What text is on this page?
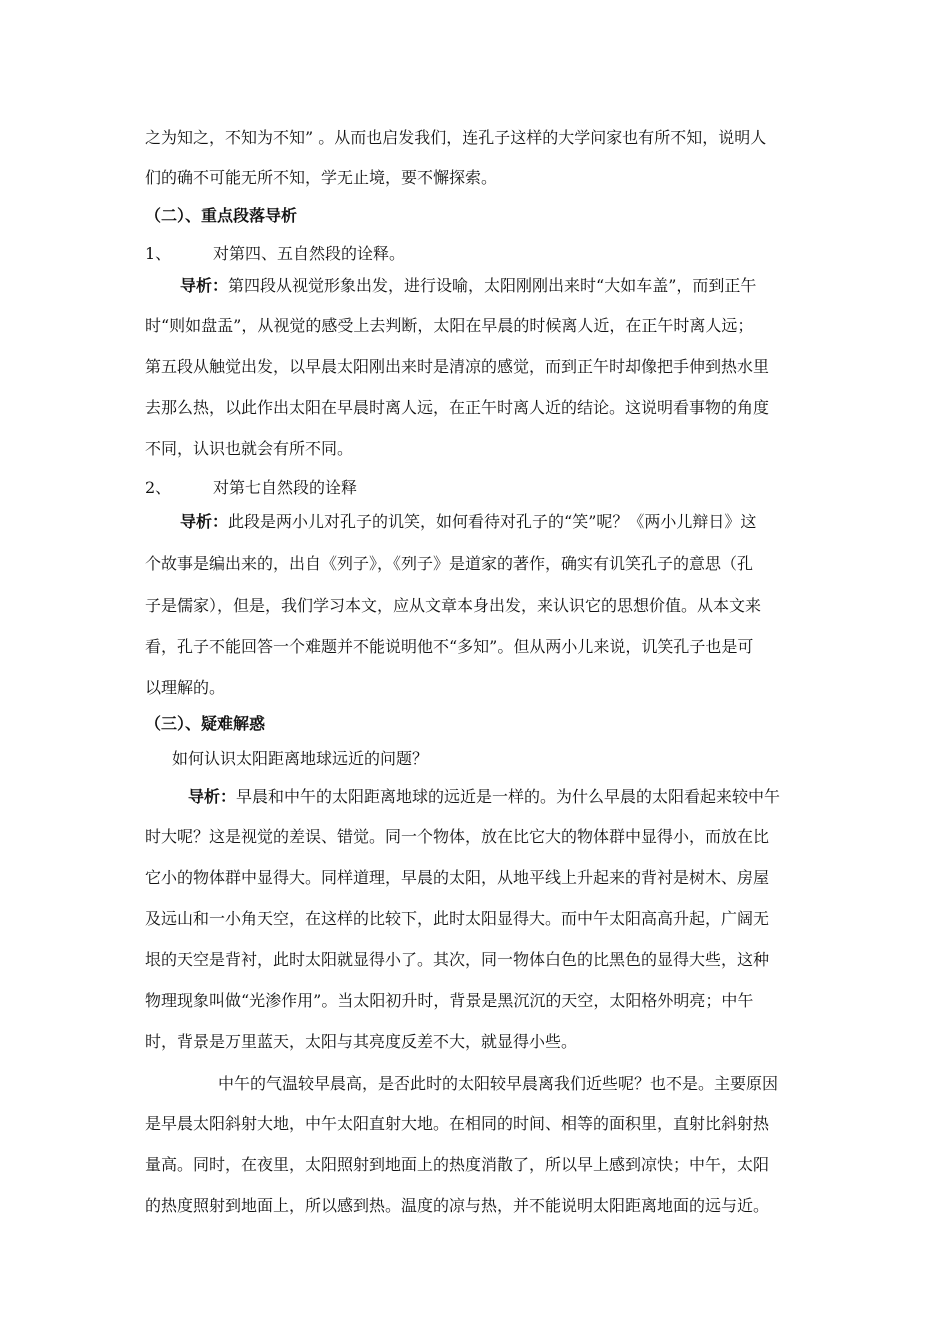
之为知之，不知为不知” 。从而也启发我们，连孔子这样的大学问家也有所不知，说明人
们的确不可能无所不知，学无止境，要不懈探索。
（二）、重点段落导析
1、	对第四、五自然段的诠释。
导析：第四段从视觉形象出发，进行设喻，太阳刚刚出来时“大如车盖”，而到正午
时“则如盘盂”，从视觉的感受上去判断，太阳在早晨的时候离人近，在正午时离人远；
第五段从触觉出发，以早晨太阳刚出来时是清凉的感觉，而到正午时却像把手伸到热水里
去那么热，以此作出太阳在早晨时离人远，在正午时离人近的结论。这说明看事物的角度
不同，认识也就会有所不同。
2、	对第七自然段的诠释
导析：此段是两小儿对孔子的讥笑，如何看待对孔子的“笑”呢？《两小儿辩日》这
个故事是编出来的，出自《列子》，《列子》是道家的著作，确实有讥笑孔子的意思（孔
子是儒家），但是，我们学习本文，应从文章本身出发，来认识它的思想价值。从本文来
看，孔子不能回答一个难题并不能说明他不“多知”。但从两小儿来说，讥笑孔子也是可
以理解的。
（三）、疑难解惑
如何认识太阳距离地球远近的问题？
导析：早晨和中午的太阳距离地球的远近是一样的。为什么早晨的太阳看起来较中午
时大呢？这是视觉的差误、错觉。同一个物体，放在比它大的物体群中显得小，而放在比
它小的物体群中显得大。同样道理，早晨的太阳，从地平线上升起来的背衬是树木、房屋
及远山和一小角天空，在这样的比较下，此时太阳显得大。而中午太阳高高升起，广阔无
垠的天空是背衬，此时太阳就显得小了。其次，同一物体白色的比黑色的显得大些，这种
物理现象叫做“光渗作用”。当太阳初升时，背景是黑沉沉的天空，太阳格外明亮；中午
时，背景是万里蓝天，太阳与其亮度反差不大，就显得小些。
中午的气温较早晨高，是否此时的太阳较早晨离我们近些呢？也不是。主要原因
是早晨太阳斜射大地，中午太阳直射大地。在相同的时间、相等的面积里，直射比斜射热
量高。同时，在夜里，太阳照射到地面上的热度消散了，所以早上感到凉快；中午，太阳
的热度照射到地面上，所以感到热。温度的凉与热，并不能说明太阳距离地面的远与近。
